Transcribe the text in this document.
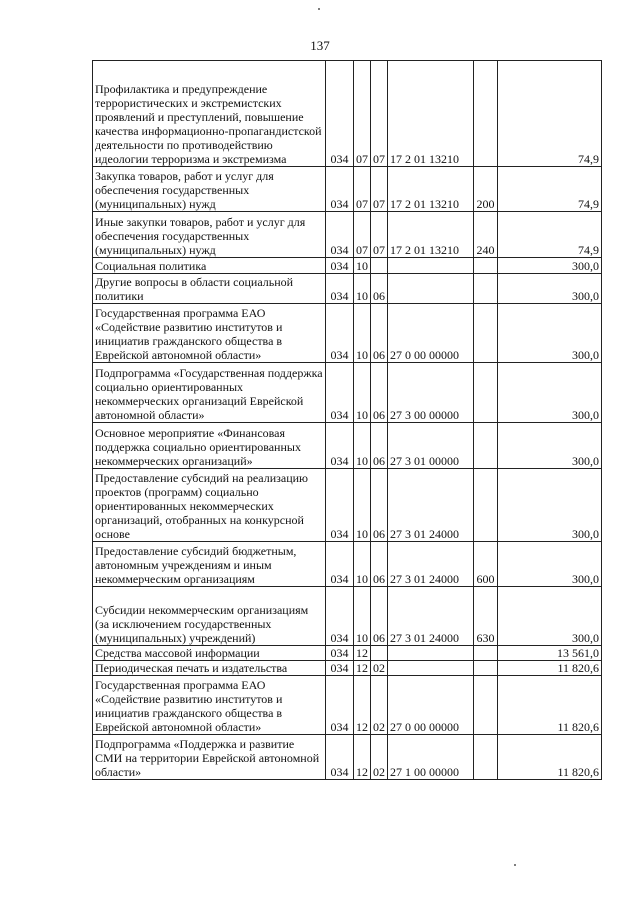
137
Профилактика и предупреждение террористических и экстремистских проявлений и преступлений, повышение качества информационно-пропагандистской деятельности по противодействию идеологии терроризма и экстремизма	034	07	07	17 2 01 13210		74,9
Закупка товаров, работ и услуг для обеспечения государственных (муниципальных) нужд	034	07	07	17 2 01 13210	200	74,9
Иные закупки товаров, работ и услуг для обеспечения государственных (муниципальных) нужд	034	07	07	17 2 01 13210	240	74,9
Социальная политика	034	10				300,0
Другие вопросы в области социальной политики	034	10	06			300,0
Государственная программа ЕАО «Содействие развитию институтов и инициатив гражданского общества в Еврейской автономной области»	034	10	06	27 0 00 00000		300,0
Подпрограмма «Государственная поддержка социально ориентированных некоммерческих организаций Еврейской автономной области»	034	10	06	27 3 00 00000		300,0
Основное мероприятие «Финансовая поддержка социально ориентированных некоммерческих организаций»	034	10	06	27 3 01 00000		300,0
Предоставление субсидий на реализацию проектов (программ) социально ориентированных некоммерческих организаций, отобранных на конкурсной основе	034	10	06	27 3 01 24000		300,0
Предоставление субсидий бюджетным, автономным учреждениям и иным некоммерческим организациям	034	10	06	27 3 01 24000	600	300,0
Субсидии некоммерческим организациям (за исключением государственных (муниципальных) учреждений)	034	10	06	27 3 01 24000	630	300,0
Средства массовой информации	034	12				13 561,0
Периодическая печать и издательства	034	12	02			11 820,6
Государственная программа ЕАО «Содействие развитию институтов и инициатив гражданского общества в Еврейской автономной области»	034	12	02	27 0 00 00000		11 820,6
Подпрограмма «Поддержка и развитие СМИ на территории Еврейской автономной области»	034	12	02	27 1 00 00000		11 820,6
